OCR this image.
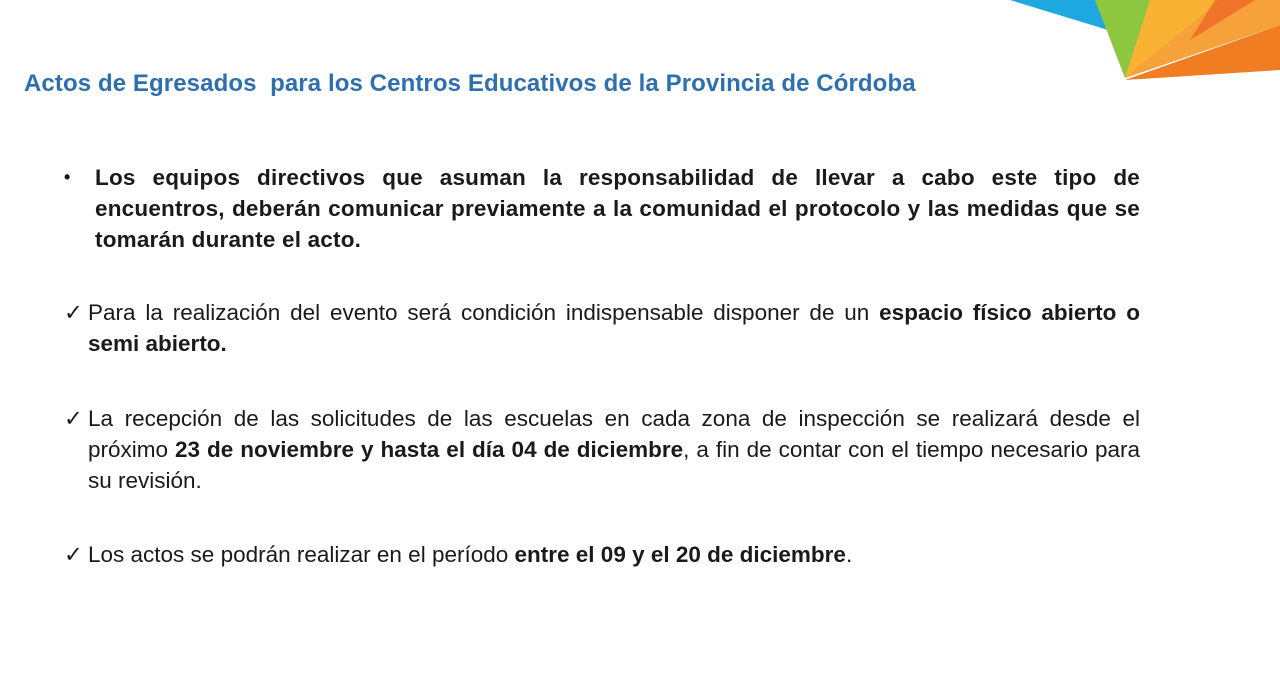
Actos de Egresados  para los Centros Educativos de la Provincia de Córdoba
• Los equipos directivos que asuman la responsabilidad de llevar a cabo este tipo de encuentros, deberán comunicar previamente a la comunidad el protocolo y las medidas que se tomarán durante el acto.
✓ Para la realización del evento será condición indispensable disponer de un espacio físico abierto o semi abierto.
✓ La recepción de las solicitudes de las escuelas en cada zona de inspección se realizará desde el próximo 23 de noviembre y hasta el día 04 de diciembre, a fin de contar con el tiempo necesario para su revisión.
✓ Los actos se podrán realizar en el período entre el 09 y el 20 de diciembre.
